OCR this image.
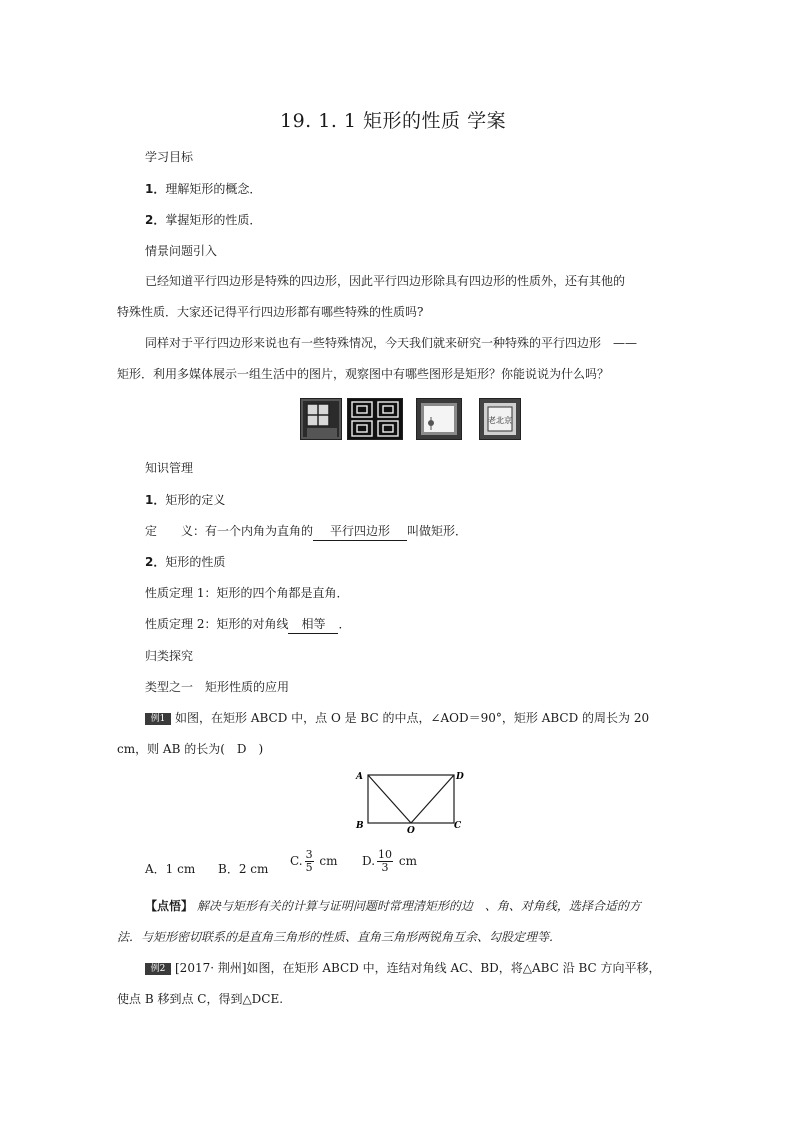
19. 1. 1 矩形的性质 学案
学习目标
1．理解矩形的概念．
2．掌握矩形的性质．
情景问题引入
已经知道平行四边形是特殊的四边形，因此平行四边形除具有四边形的性质外，还有其他的
特殊性质．大家还记得平行四边形都有哪些特殊的性质吗?
同样对于平行四边形来说也有一些特殊情况，今天我们就来研究一种特殊的平行四边形　——
矩形．利用多媒体展示一组生活中的图片，观察图中有哪些图形是矩形？你能说说为什么吗？
老北京
知识管理
1．矩形的定义
定　　义：有一个内角为直角的 平行四边形 叫做矩形．
2．矩形的性质
性质定理 1：矩形的四个角都是直角．
性质定理 2：矩形的对角线 相等 ．
归类探究
类型之一　矩形性质的应用
例1 如图，在矩形 ABCD 中，点 O 是 BC 的中点，∠AOD＝90°，矩形 ABCD 的周长为 20
cm，则 AB 的长为(　D　)
A	D
B	C
O
A．1 cm B．2 cm
C. $\frac{3}{5}$ cm D. $\frac{10}{3}$ cm
【点悟】 解决与矩形有关的计算与证明问题时常理清矩形的边　、角、对角线，选择合适的方
法．与矩形密切联系的是直角三角形的性质、直角三角形两锐角互余、勾股定理等．
例2 [2017· 荆州]如图，在矩形 ABCD 中，连结对角线 AC、BD，将△ABC 沿 BC 方向平移，
使点 B 移到点 C，得到△DCE.
